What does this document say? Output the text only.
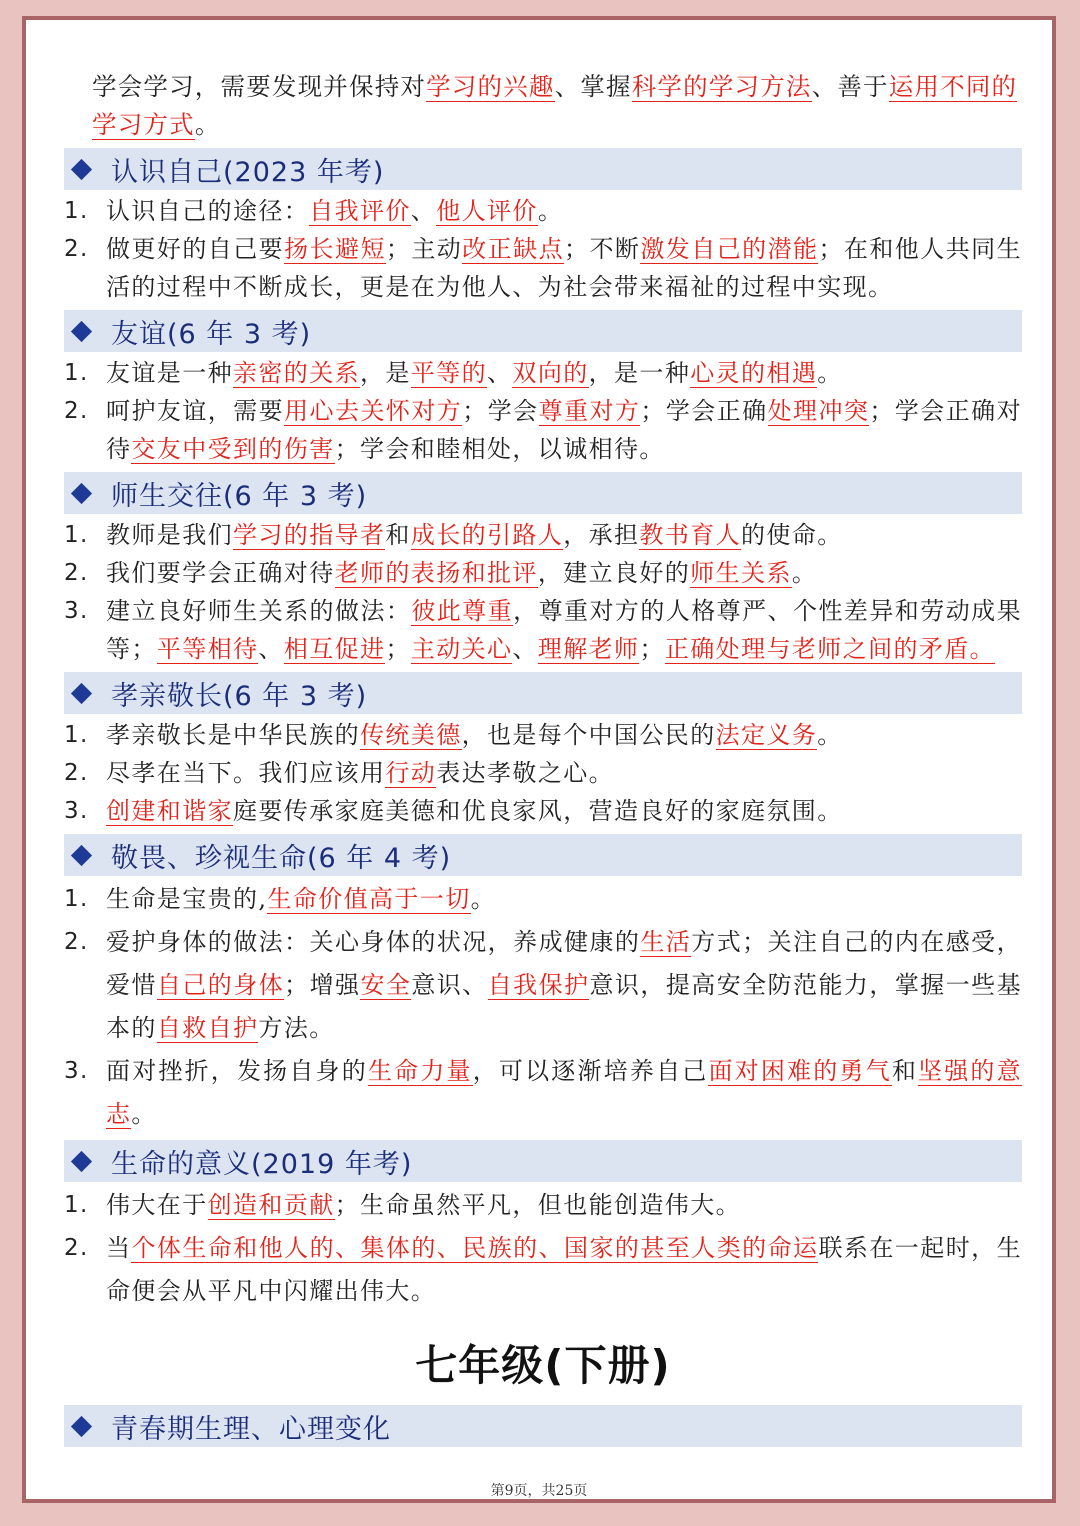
学会学习，需要发现并保持对学习的兴趣、掌握科学的学习方法、善于运用不同的学习方式。
认识自己(2023 年考)
1. 认识自己的途径：自我评价、他人评价。
2. 做更好的自己要扬长避短；主动改正缺点；不断激发自己的潜能；在和他人共同生活的过程中不断成长，更是在为他人、为社会带来福祉的过程中实现。
友谊(6 年 3 考)
1. 友谊是一种亲密的关系，是平等的、双向的，是一种心灵的相遇。
2. 呵护友谊，需要用心去关怀对方；学会尊重对方；学会正确处理冲突；学会正确对待交友中受到的伤害；学会和睦相处，以诚相待。
师生交往(6 年 3 考)
1. 教师是我们学习的指导者和成长的引路人，承担教书育人的使命。
2. 我们要学会正确对待老师的表扬和批评，建立良好的师生关系。
3. 建立良好师生关系的做法：彼此尊重，尊重对方的人格尊严、个性差异和劳动成果等；平等相待、相互促进；主动关心、理解老师；正确处理与老师之间的矛盾。
孝亲敬长(6 年 3 考)
1. 孝亲敬长是中华民族的传统美德，也是每个中国公民的法定义务。
2. 尽孝在当下。我们应该用行动表达孝敬之心。
3. 创建和谐家庭要传承家庭美德和优良家风，营造良好的家庭氛围。
敬畏、珍视生命(6 年 4 考)
1. 生命是宝贵的,生命价值高于一切。
2. 爱护身体的做法：关心身体的状况，养成健康的生活方式；关注自己的内在感受，爱惜自己的身体；增强安全意识、自我保护意识，提高安全防范能力，掌握一些基本的自救自护方法。
3. 面对挫折，发扬自身的生命力量，可以逐渐培养自己面对困难的勇气和坚强的意志。
生命的意义(2019 年考)
1. 伟大在于创造和贡献；生命虽然平凡，但也能创造伟大。
2. 当个体生命和他人的、集体的、民族的、国家的甚至人类的命运联系在一起时，生命便会从平凡中闪耀出伟大。
七年级(下册)
青春期生理、心理变化
第9页，共25页
